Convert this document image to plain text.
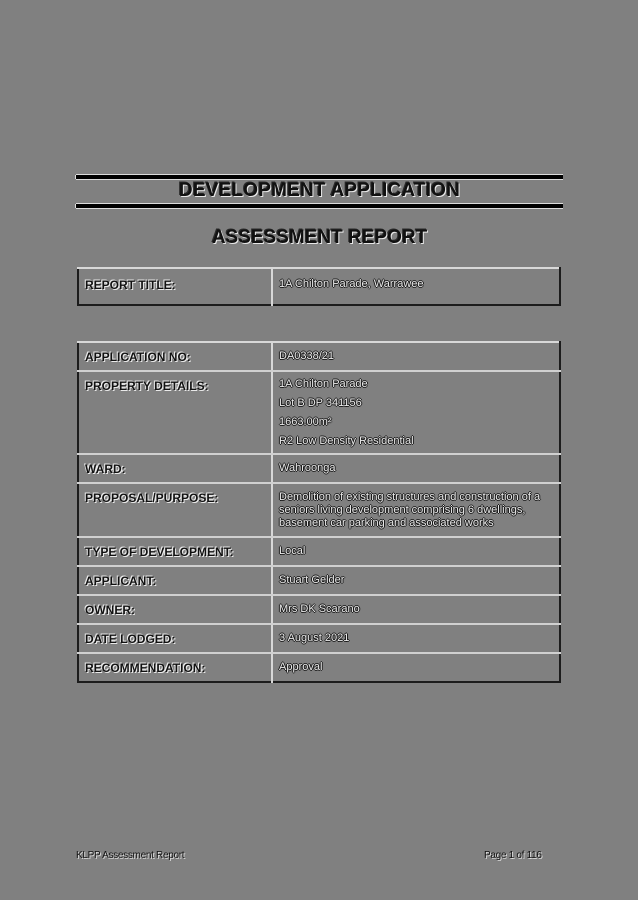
DEVELOPMENT APPLICATION
ASSESSMENT REPORT
REPORT TITLE:	1A Chilton Parade, Warrawee
APPLICATION NO:	DA0338/21
PROPERTY DETAILS:	1A Chilton Parade
Lot B DP 341156
1663.00m²
R2 Low Density Residential

WARD:	Wahroonga
PROPOSAL/PURPOSE:	Demolition of existing structures and construction of a seniors living development comprising 6 dwellings, basement car parking and associated works

TYPE OF DEVELOPMENT:	Local
APPLICANT:	Stuart Gelder
OWNER:	Mrs DK Scarano
DATE LODGED:	3 August 2021
RECOMMENDATION:	Approval
KLPP Assessment Report	Page 1 of 116
